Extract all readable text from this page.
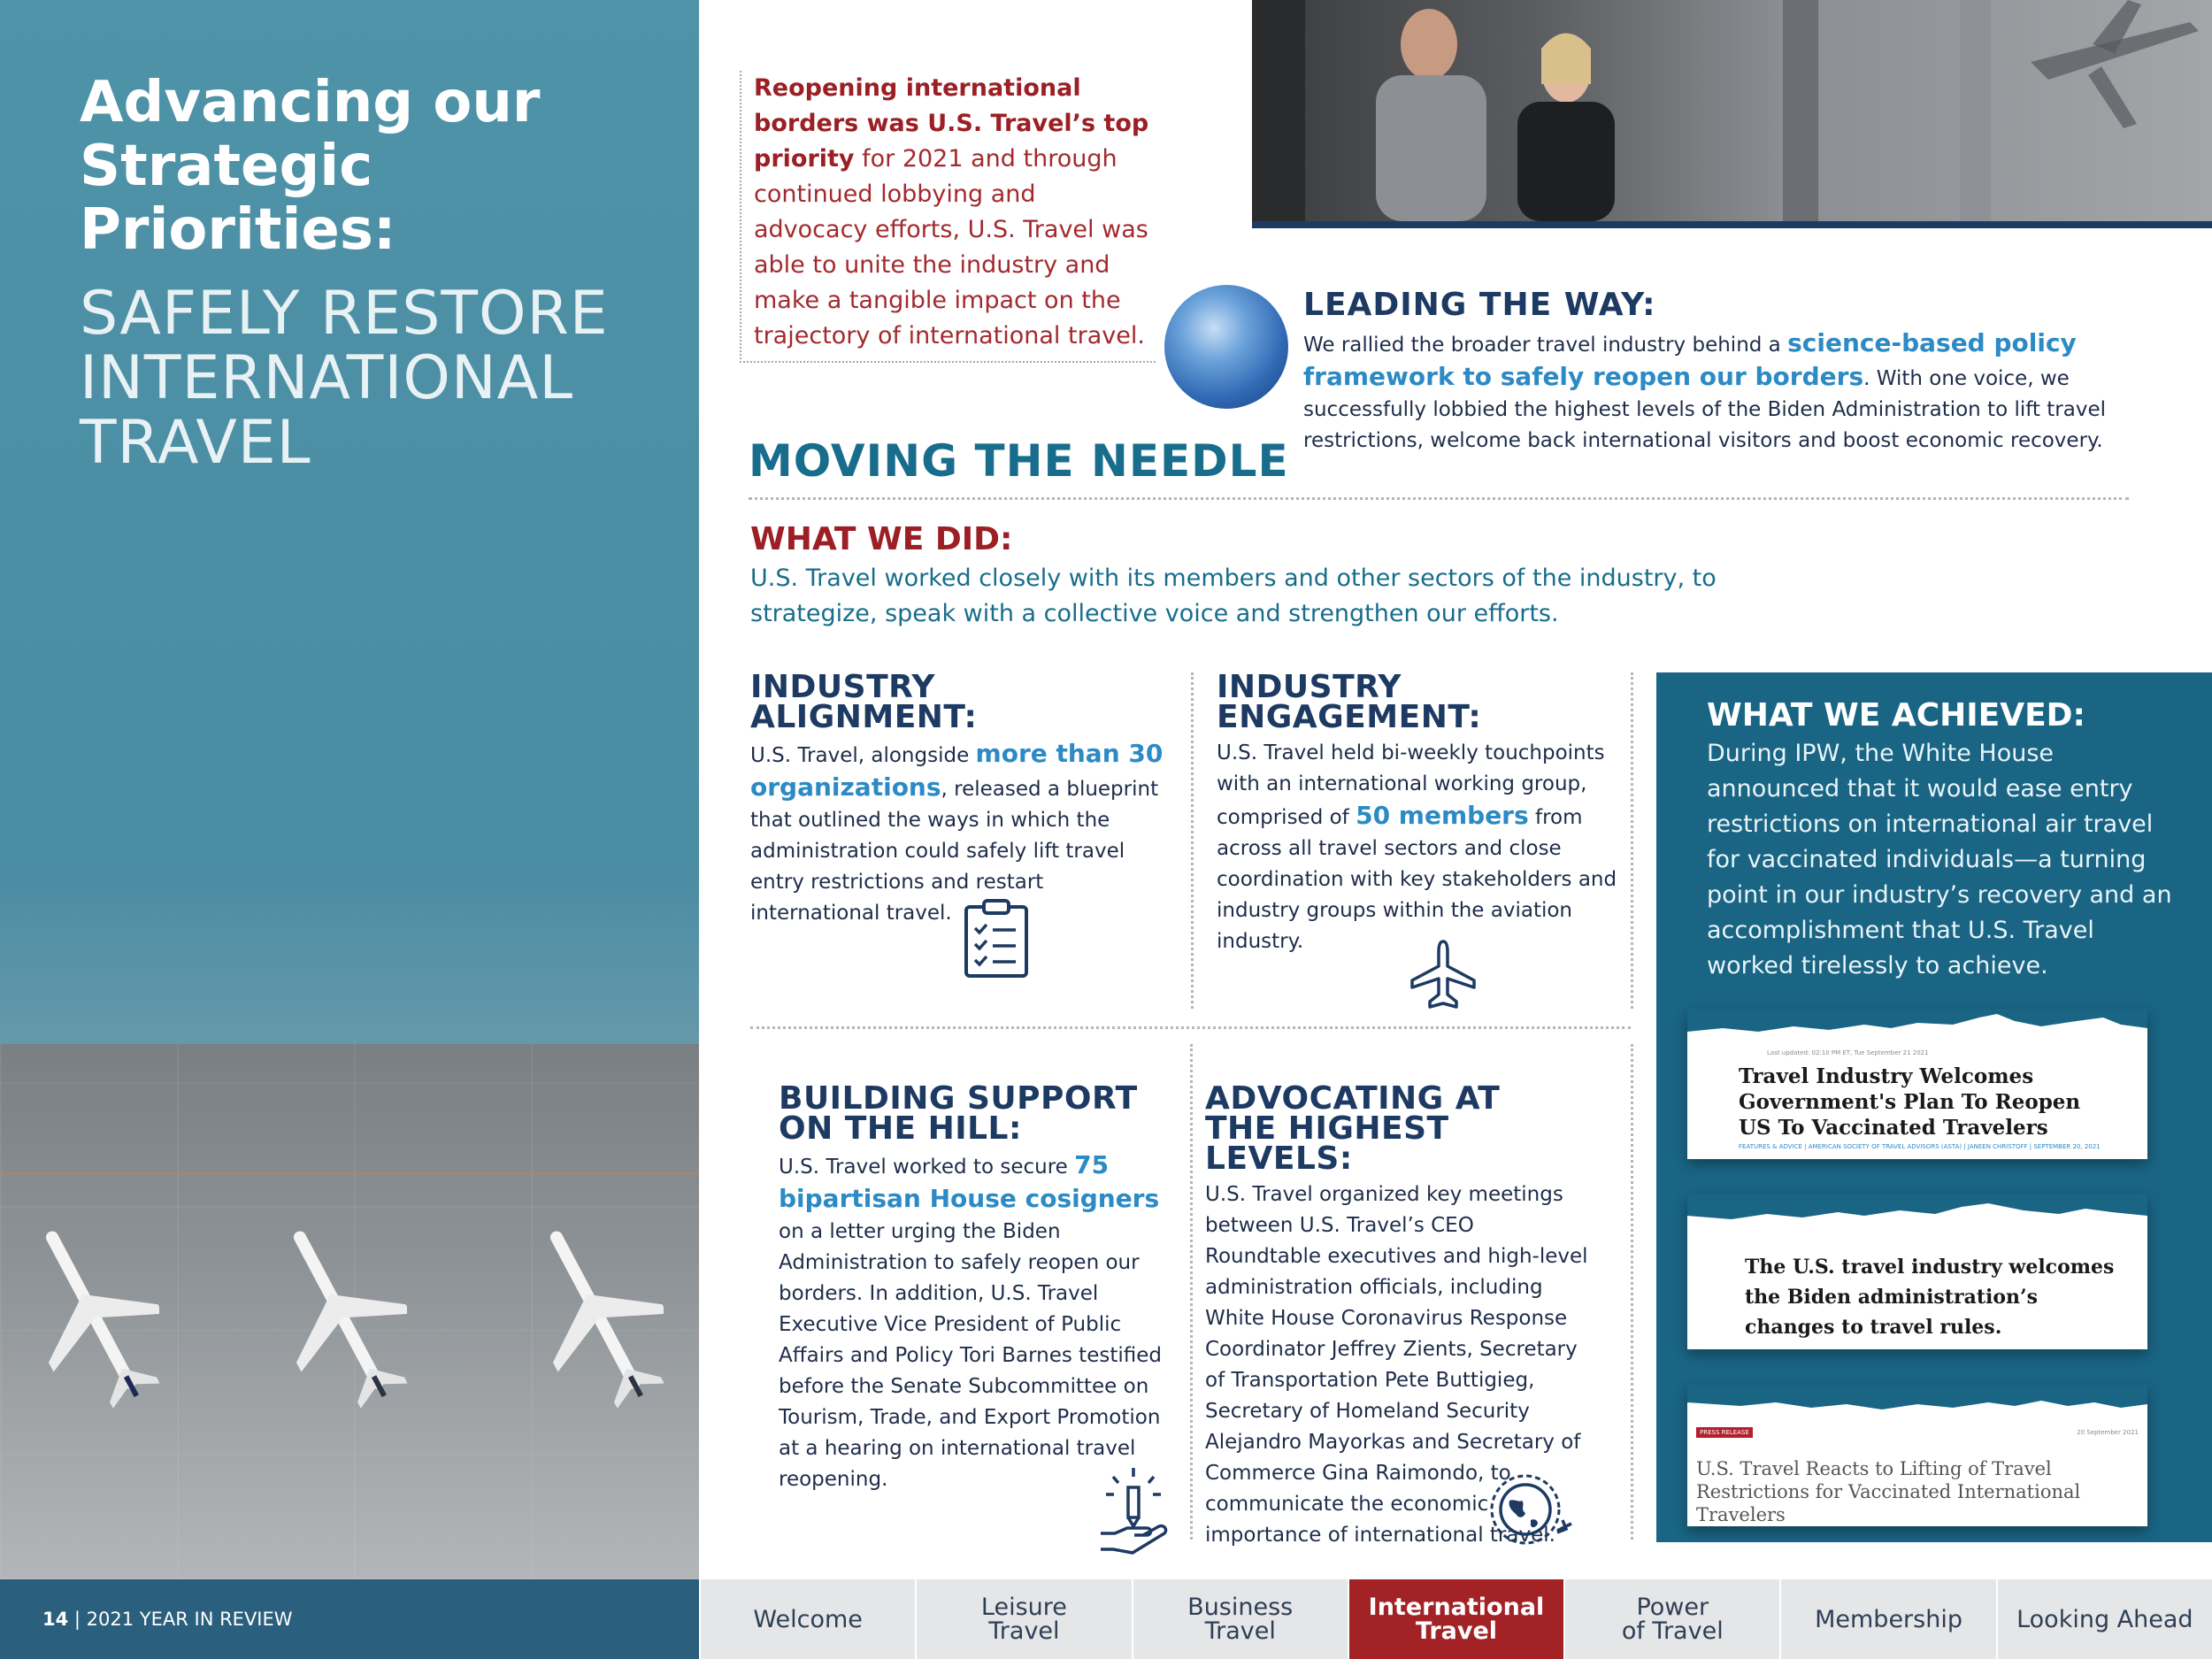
Advancing our Strategic Priorities:
SAFELY RESTORE INTERNATIONAL TRAVEL
Reopening international borders was U.S. Travel’s top priority for 2021 and through continued lobbying and advocacy efforts, U.S. Travel was able to unite the industry and make a tangible impact on the trajectory of international travel.
LEADING THE WAY:
We rallied the broader travel industry behind a science-based policy framework to safely reopen our borders. With one voice, we successfully lobbied the highest levels of the Biden Administration to lift travel restrictions, welcome back international visitors and boost economic recovery.
MOVING THE NEEDLE
WHAT WE DID:
U.S. Travel worked closely with its members and other sectors of the industry, to strategize, speak with a collective voice and strengthen our efforts.
INDUSTRY
ALIGNMENT:
U.S. Travel, alongside more than 30 organizations, released a blueprint that outlined the ways in which the administration could safely lift travel entry restrictions and restart international travel.
INDUSTRY
ENGAGEMENT:
U.S. Travel held bi-weekly touchpoints with an international working group, comprised of 50 members from across all travel sectors and close coordination with key stakeholders and industry groups within the aviation industry.
BUILDING SUPPORT
ON THE HILL:
U.S. Travel worked to secure 75 bipartisan House cosigners on a letter urging the Biden Administration to safely reopen our borders. In addition, U.S. Travel Executive Vice President of Public Affairs and Policy Tori Barnes testified before the Senate Subcommittee on Tourism, Trade, and Export Promotion at a hearing on international travel reopening.
ADVOCATING AT
THE HIGHEST LEVELS:
U.S. Travel organized key meetings between U.S. Travel’s CEO Roundtable executives and high-level administration officials, including White House Coronavirus Response Coordinator Jeffrey Zients, Secretary of Transportation Pete Buttigieg, Secretary of Homeland Security Alejandro Mayorkas and Secretary of Commerce Gina Raimondo, to communicate the economic importance of international travel.
WHAT WE ACHIEVED:
During IPW, the White House announced that it would ease entry restrictions on international air travel for vaccinated individuals—a turning point in our industry’s recovery and an accomplishment that U.S. Travel worked tirelessly to achieve.
Last updated: 02:10 PM ET, Tue September 21 2021
Travel Industry Welcomes Government's Plan To Reopen US To Vaccinated Travelers
FEATURES & ADVICE | AMERICAN SOCIETY OF TRAVEL ADVISORS (ASTA) | JANEEN CHRISTOFF | SEPTEMBER 20, 2021
The U.S. travel industry welcomes the Biden administration’s changes to travel rules.
PRESS RELEASE	20 September 2021
U.S. Travel Reacts to Lifting of Travel Restrictions for Vaccinated International Travelers
14 | 2021 YEAR IN REVIEW	Welcome	Leisure
Travel
Business
Travel
International
Travel
Power
of Travel	Membership	Looking Ahead
